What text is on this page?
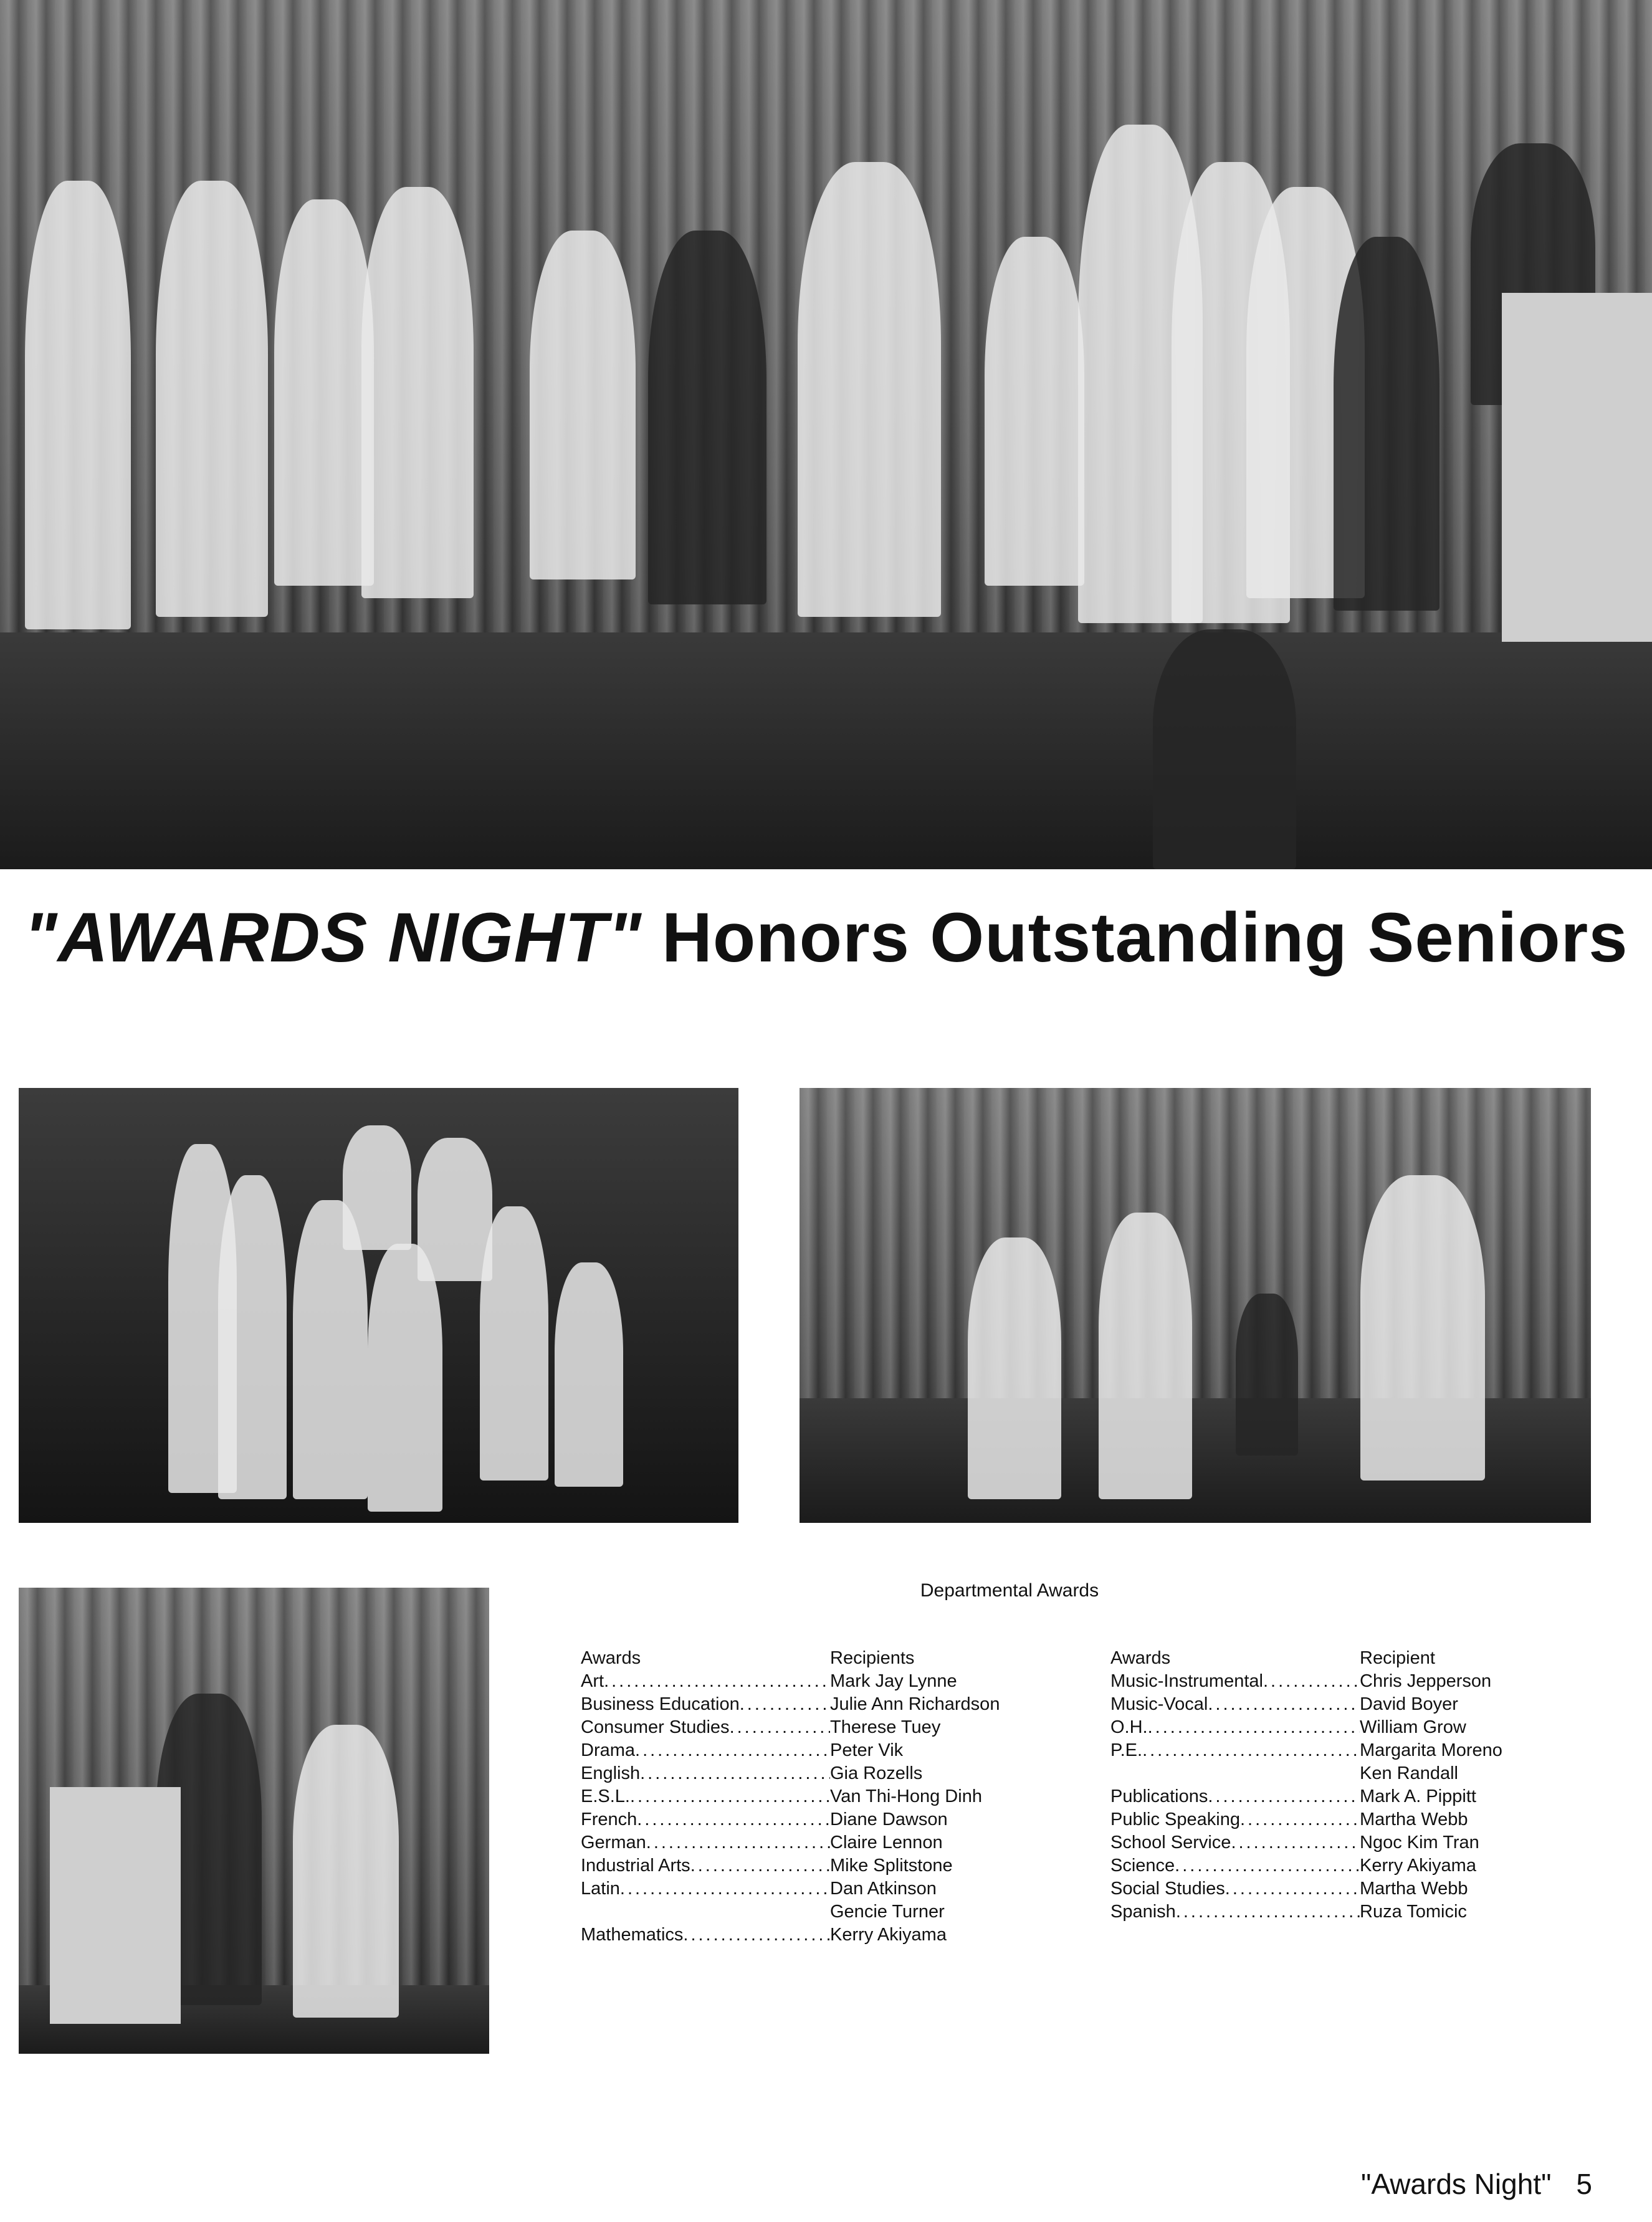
"AWARDS NIGHT" Honors Outstanding Seniors
Departmental Awards
Awards	Recipients
Art .....	Mark Jay Lynne
Business Education .....	Julie Ann Richardson
Consumer Studies .....	Therese Tuey
Drama .....	Peter Vik
English .....	Gia Rozells
E.S.L. .....	Van Thi-Hong Dinh
French .....	Diane Dawson
German .....	Claire Lennon
Industrial Arts .....	Mike Splitstone
Latin .....	Dan Atkinson
Gencie Turner
Mathematics .....	Kerry Akiyama
Awards	Recipient
Music-Instrumental .....	Chris Jepperson
Music-Vocal .....	David Boyer
O.H. .....	William Grow
P.E. .....	Margarita Moreno
Ken Randall
Publications .....	Mark A. Pippitt
Public Speaking .....	Martha Webb
School Service .....	Ngoc Kim Tran
Science .....	Kerry Akiyama
Social Studies .....	Martha Webb
Spanish .....	Ruza Tomicic
"Awards Night" 5
